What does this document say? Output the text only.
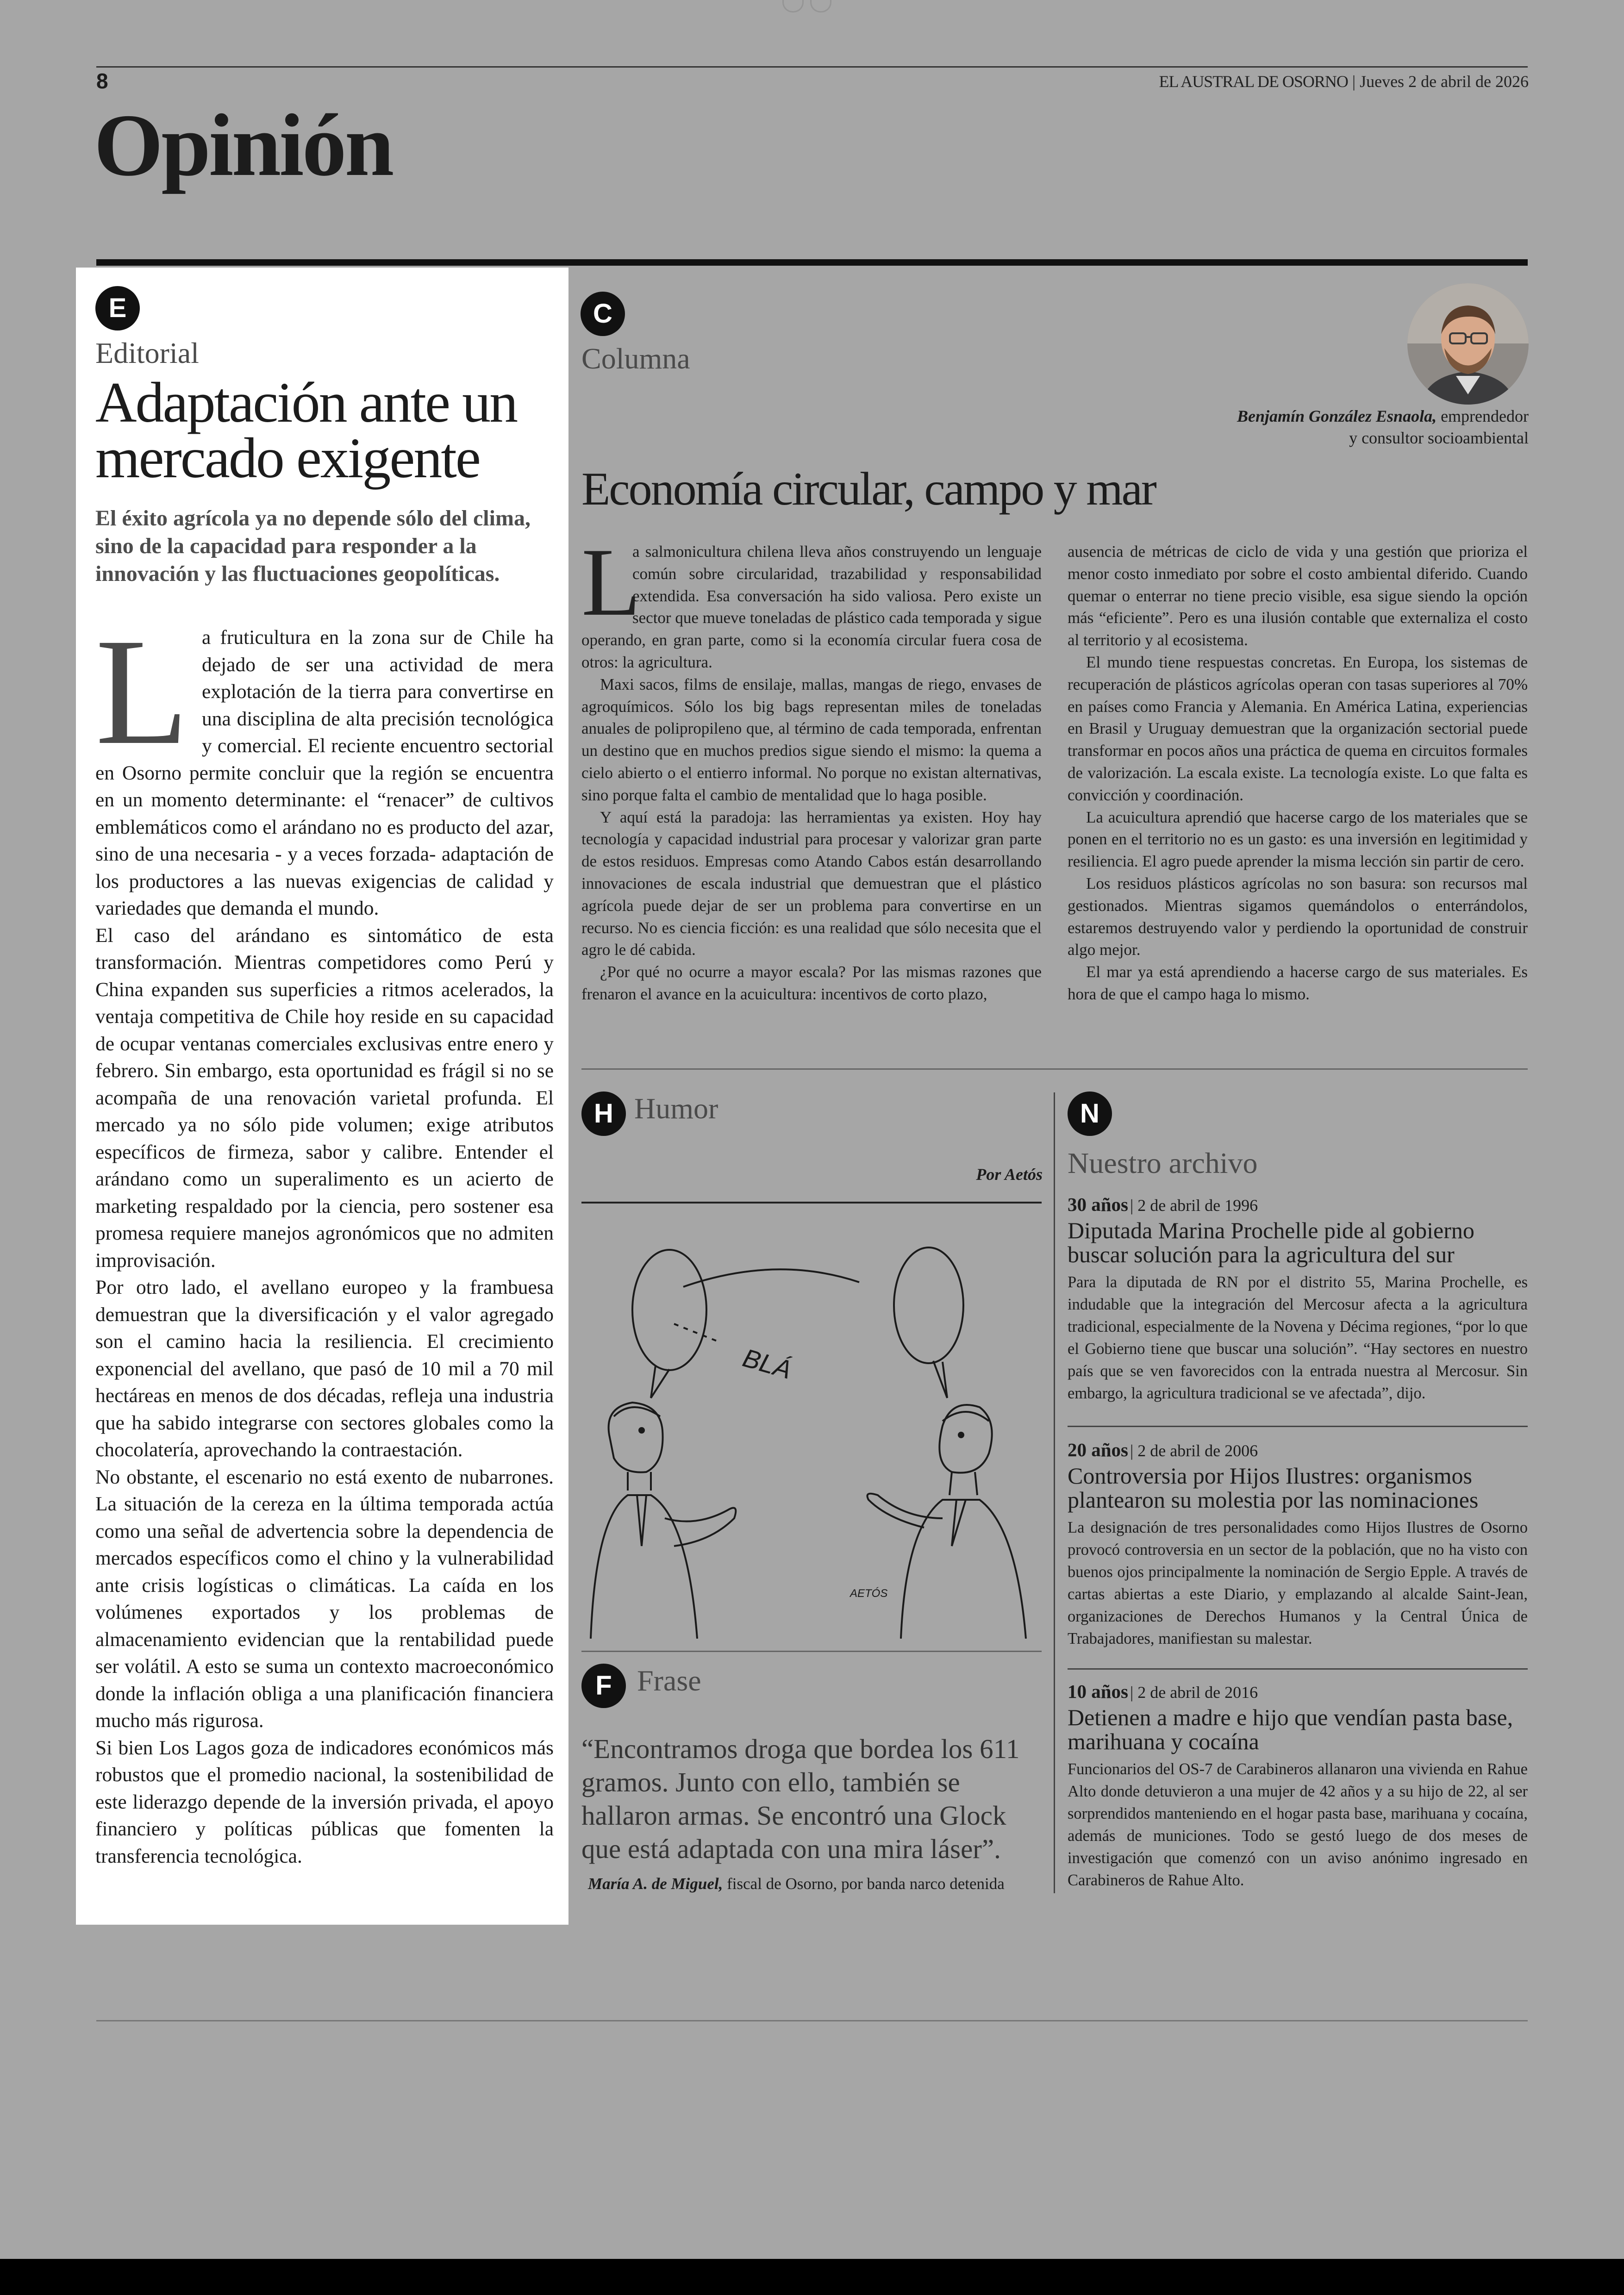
8	EL AUSTRAL DE OSORNO | Jueves 2 de abril de 2026
Opinión
E
Editorial
Adaptación ante un
mercado exigente
El éxito agrícola ya no depende sólo del clima, sino de la capacidad para responder a la innovación y las fluctuaciones geopolíticas.
L a fruticultura en la zona sur de Chile ha dejado de ser una actividad de mera explotación de la tierra para convertirse en una disciplina de alta precisión tecnológica y comercial. El reciente encuentro sectorial en Osorno permite concluir que la región se encuentra en un momento determinante: el “renacer” de cultivos emblemáticos como el arándano no es producto del azar, sino de una necesaria - y a veces forzada- adaptación de los productores a las nuevas exigencias de calidad y variedades que demanda el mundo.

El caso del arándano es sintomático de esta transformación. Mientras competidores como Perú y China expanden sus superficies a ritmos acelerados, la ventaja competitiva de Chile hoy reside en su capacidad de ocupar ventanas comerciales exclusivas entre enero y febrero. Sin embargo, esta oportunidad es frágil si no se acompaña de una renovación varietal profunda. El mercado ya no sólo pide volumen; exige atributos específicos de firmeza, sabor y calibre. Entender el arándano como un superalimento es un acierto de marketing respaldado por la ciencia, pero sostener esa promesa requiere manejos agronómicos que no admiten improvisación.

Por otro lado, el avellano europeo y la frambuesa demuestran que la diversificación y el valor agregado son el camino hacia la resiliencia. El crecimiento exponencial del avellano, que pasó de 10 mil a 70 mil hectáreas en menos de dos décadas, refleja una industria que ha sabido integrarse con sectores globales como la chocolatería, aprovechando la contraestación.

No obstante, el escenario no está exento de nubarrones. La situación de la cereza en la última temporada actúa como una señal de advertencia sobre la dependencia de mercados específicos como el chino y la vulnerabilidad ante crisis logísticas o climáticas. La caída en los volúmenes exportados y los problemas de almacenamiento evidencian que la rentabilidad puede ser volátil. A esto se suma un contexto macroeconómico donde la inflación obliga a una planificación financiera mucho más rigurosa.

Si bien Los Lagos goza de indicadores económicos más robustos que el promedio nacional, la sostenibilidad de este liderazgo depende de la inversión privada, el apoyo financiero y políticas públicas que fomenten la transferencia tecnológica.

C
Columna
Benjamín González Esnaola, emprendedor
y consultor socioambiental
Economía circular, campo y mar
L

a salmonicultura chilena lleva años construyendo un lenguaje común sobre circularidad, trazabilidad y responsabilidad extendida. Esa conversación ha sido valiosa. Pero existe un sector que mueve toneladas de plástico cada temporada y sigue operando, en gran parte, como si la economía circular fuera cosa de otros: la agricultura.

Maxi sacos, films de ensilaje, mallas, mangas de riego, envases de agroquímicos. Sólo los big bags representan miles de toneladas anuales de polipropileno que, al término de cada temporada, enfrentan un destino que en muchos predios sigue siendo el mismo: la quema a cielo abierto o el entierro informal. No porque no existan alternativas, sino porque falta el cambio de mentalidad que lo haga posible.

Y aquí está la paradoja: las herramientas ya existen. Hoy hay tecnología y capacidad industrial para procesar y valorizar gran parte de estos residuos. Empresas como Atando Cabos están desarrollando innovaciones de escala industrial que demuestran que el plástico agrícola puede dejar de ser un problema para convertirse en un recurso. No es ciencia ficción: es una realidad que sólo necesita que el agro le dé cabida.

¿Por qué no ocurre a mayor escala? Por las mismas razones que frenaron el avance en la acuicultura: incentivos de corto plazo,

ausencia de métricas de ciclo de vida y una gestión que prioriza el menor costo inmediato por sobre el costo ambiental diferido. Cuando quemar o enterrar no tiene precio visible, esa sigue siendo la opción más “eficiente”. Pero es una ilusión contable que externaliza el costo al territorio y al ecosistema.

El mundo tiene respuestas concretas. En Europa, los sistemas de recuperación de plásticos agrícolas operan con tasas superiores al 70% en países como Francia y Alemania. En América Latina, experiencias en Brasil y Uruguay demuestran que la organización sectorial puede transformar en pocos años una práctica de quema en circuitos formales de valorización. La escala existe. La tecnología existe. Lo que falta es convicción y coordinación.

La acuicultura aprendió que hacerse cargo de los materiales que se ponen en el territorio no es un gasto: es una inversión en legitimidad y resiliencia. El agro puede aprender la misma lección sin partir de cero.

Los residuos plásticos agrícolas no son basura: son recursos mal gestionados. Mientras sigamos quemándolos o enterrándolos, estaremos destruyendo valor y perdiendo la oportunidad de construir algo mejor.

El mar ya está aprendiendo a hacerse cargo de sus materiales. Es hora de que el campo haga lo mismo.

H Humor
Por Aetós
BLÁ
AETÓS
F Frase
“Encontramos droga que bordea los 611 gramos. Junto con ello, también se hallaron armas. Se encontró una Glock que está adaptada con una mira láser”.
María A. de Miguel, fiscal de Osorno, por banda narco detenida
N
Nuestro archivo
30 años | 2 de abril de 1996
Diputada Marina Prochelle pide al gobierno buscar solución para la agricultura del sur
Para la diputada de RN por el distrito 55, Marina Prochelle, es indudable que la integración del Mercosur afecta a la agricultura tradicional, especialmente de la Novena y Décima regiones, “por lo que el Gobierno tiene que buscar una solución”. “Hay sectores en nuestro país que se ven favorecidos con la entrada nuestra al Mercosur. Sin embargo, la agricultura tradicional se ve afectada”, dijo.
20 años | 2 de abril de 2006
Controversia por Hijos Ilustres: organismos plantearon su molestia por las nominaciones
La designación de tres personalidades como Hijos Ilustres de Osorno provocó controversia en un sector de la población, que no ha visto con buenos ojos principalmente la nominación de Sergio Epple. A través de cartas abiertas a este Diario, y emplazando al alcalde Saint-Jean, organizaciones de Derechos Humanos y la Central Única de Trabajadores, manifiestan su malestar.
10 años | 2 de abril de 2016
Detienen a madre e hijo que vendían pasta base, marihuana y cocaína
Funcionarios del OS-7 de Carabineros allanaron una vivienda en Rahue Alto donde detuvieron a una mujer de 42 años y a su hijo de 22, al ser sorprendidos manteniendo en el hogar pasta base, marihuana y cocaína, además de municiones. Todo se gestó luego de dos meses de investigación que comenzó con un aviso anónimo ingresado en Carabineros de Rahue Alto.
